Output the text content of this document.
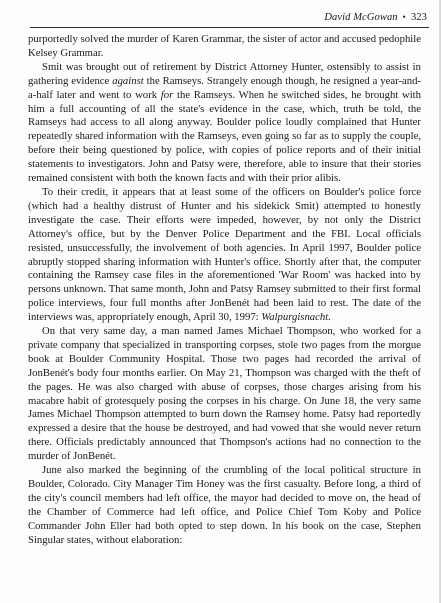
David McGowan • 323

purportedly solved the murder of Karen Grammar, the sister of actor and accused pedophile Kelsey Grammar.

Smit was brought out of retirement by District Attorney Hunter, ostensibly to assist in gathering evidence against the Ramseys. Strangely enough though, he resigned a year-and-a-half later and went to work for the Ramseys. When he switched sides, he brought with him a full accounting of all the state's evidence in the case, which, truth be told, the Ramseys had access to all along anyway. Boulder police loudly complained that Hunter repeatedly shared information with the Ramseys, even going so far as to supply the couple, before their being questioned by police, with copies of police reports and of their initial statements to investigators. John and Patsy were, therefore, able to insure that their stories remained consistent with both the known facts and with their prior alibis.

To their credit, it appears that at least some of the officers on Boulder's police force (which had a healthy distrust of Hunter and his sidekick Smit) attempted to honestly investigate the case. Their efforts were impeded, however, by not only the District Attorney's office, but by the Denver Police Department and the FBI. Local officials resisted, unsuccessfully, the involvement of both agencies. In April 1997, Boulder police abruptly stopped sharing information with Hunter's office. Shortly after that, the computer containing the Ramsey case files in the aforementioned 'War Room' was hacked into by persons unknown. That same month, John and Patsy Ramsey submitted to their first formal police interviews, four full months after JonBenét had been laid to rest. The date of the interviews was, appropriately enough, April 30, 1997: Walpurgisnacht.

On that very same day, a man named James Michael Thompson, who worked for a private company that specialized in transporting corpses, stole two pages from the morgue book at Boulder Community Hospital. Those two pages had recorded the arrival of JonBenét's body four months earlier. On May 21, Thompson was charged with the theft of the pages. He was also charged with abuse of corpses, those charges arising from his macabre habit of grotesquely posing the corpses in his charge. On June 18, the very same James Michael Thompson attempted to burn down the Ramsey home. Patsy had reportedly expressed a desire that the house be destroyed, and had vowed that she would never return there. Officials predictably announced that Thompson's actions had no connection to the murder of JonBenét.

June also marked the beginning of the crumbling of the local political structure in Boulder, Colorado. City Manager Tim Honey was the first casualty. Before long, a third of the city's council members had left office, the mayor had decided to move on, the head of the Chamber of Commerce had left office, and Police Chief Tom Koby and Police Commander John Eller had both opted to step down. In his book on the case, Stephen Singular states, without elaboration:
